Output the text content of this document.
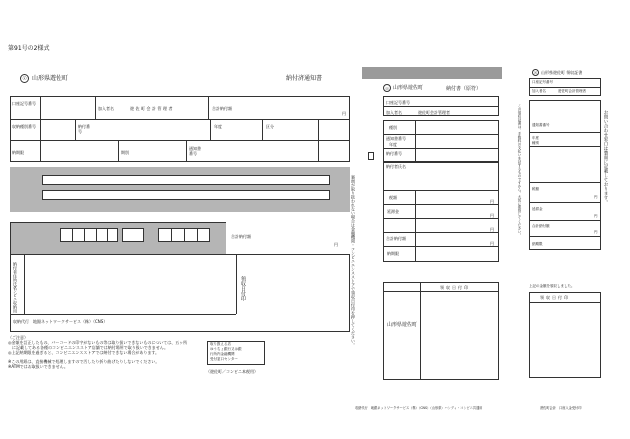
第91号の2様式
☉ 山形県遊佐町	納付済通知書
口座記号番号
加入者名	遊佐町会計管理者	合計納付額
円
収納種別番号	納付番号
年度	区分
納期限	期別
通知書番号
合計納付額
円
納付者住所氏名
コンビニ収納用	領収日付印
収納代行　地銀ネットワークサービス（株）（CNS）
（ご注意）
◎金額を訂正したもの、バーコードの印字がないもの等は取り扱いできないものについては、五ヶ所
　に記載してある各種のコンビニエンスストア店舗では納付場所で取り扱いできません。
◎上記納期限を過ぎると、コンビニエンスストアでは納付できない場合があります。
※この用紙は、直接機械で処理しますので汚したり折り曲げたりしないでください。
※ATMではお取扱いできません。
取り扱える店
ゆうちょ銀行又は銀
行所内金融機関
受付窓口センター
（遊佐町／コンビニ本税用）
☉ 山形県遊佐町	納付書（原符）
口座記号番号
加入者名	遊佐町会計管理者
種別
通知書番号
年度
納付番号
納付者氏名
税額
円
延滞金
円
円
合計納付額
円
納期限
裏面が取り扱われない場合は金融機関・コンビニエンスストアで領収日付印を押してください。	領収日付印
山形県遊佐町
収納代行　地銀ネットワークサービス（株）（CNS）（山形県）ハンディ・コンビニ共通用
☉ 山形県遊佐町 領収証書
口座記号番号
加入者名	遊佐町会計管理者
通知書番号
年度
種別
税額
円
延滞金
円
合計納付額
円
納期限
お問い合わせ窓口は裏面に記載しております。
この領収証書は、手数料の支払いを証するものですから、大切に保管してください。
上記の金額を領収しました。
領収日付印
遊佐町会計　口座入金受付印
